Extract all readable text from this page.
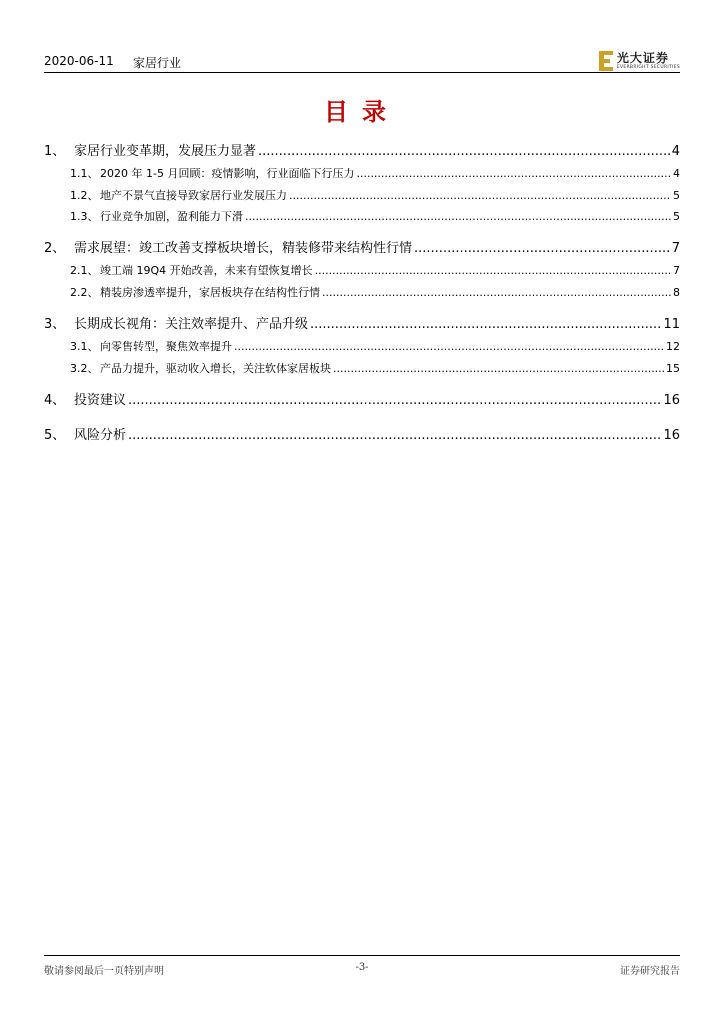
2020-06-11 家居行业	光大证券
EVERBRIGHT SECURITIES
目录
1、 家居行业变革期，发展压力显著 .....	4
1.1、 2020 年 1-5 月回顾：疫情影响，行业面临下行压力 .....	4
1.2、 地产不景气直接导致家居行业发展压力 .....	5
1.3、 行业竞争加剧，盈利能力下滑 .....	5
2、 需求展望：竣工改善支撑板块增长，精装修带来结构性行情 .....	7
2.1、 竣工端 19Q4 开始改善，未来有望恢复增长 .....	7
2.2、 精装房渗透率提升，家居板块存在结构性行情 .....	8
3、 长期成长视角：关注效率提升、产品升级 .....	11
3.1、 向零售转型，聚焦效率提升 .....	12
3.2、 产品力提升，驱动收入增长，关注软体家居板块 .....	15
4、 投资建议 .....	16
5、 风险分析 .....	16
敬请参阅最后一页特别声明	-3-	证券研究报告
